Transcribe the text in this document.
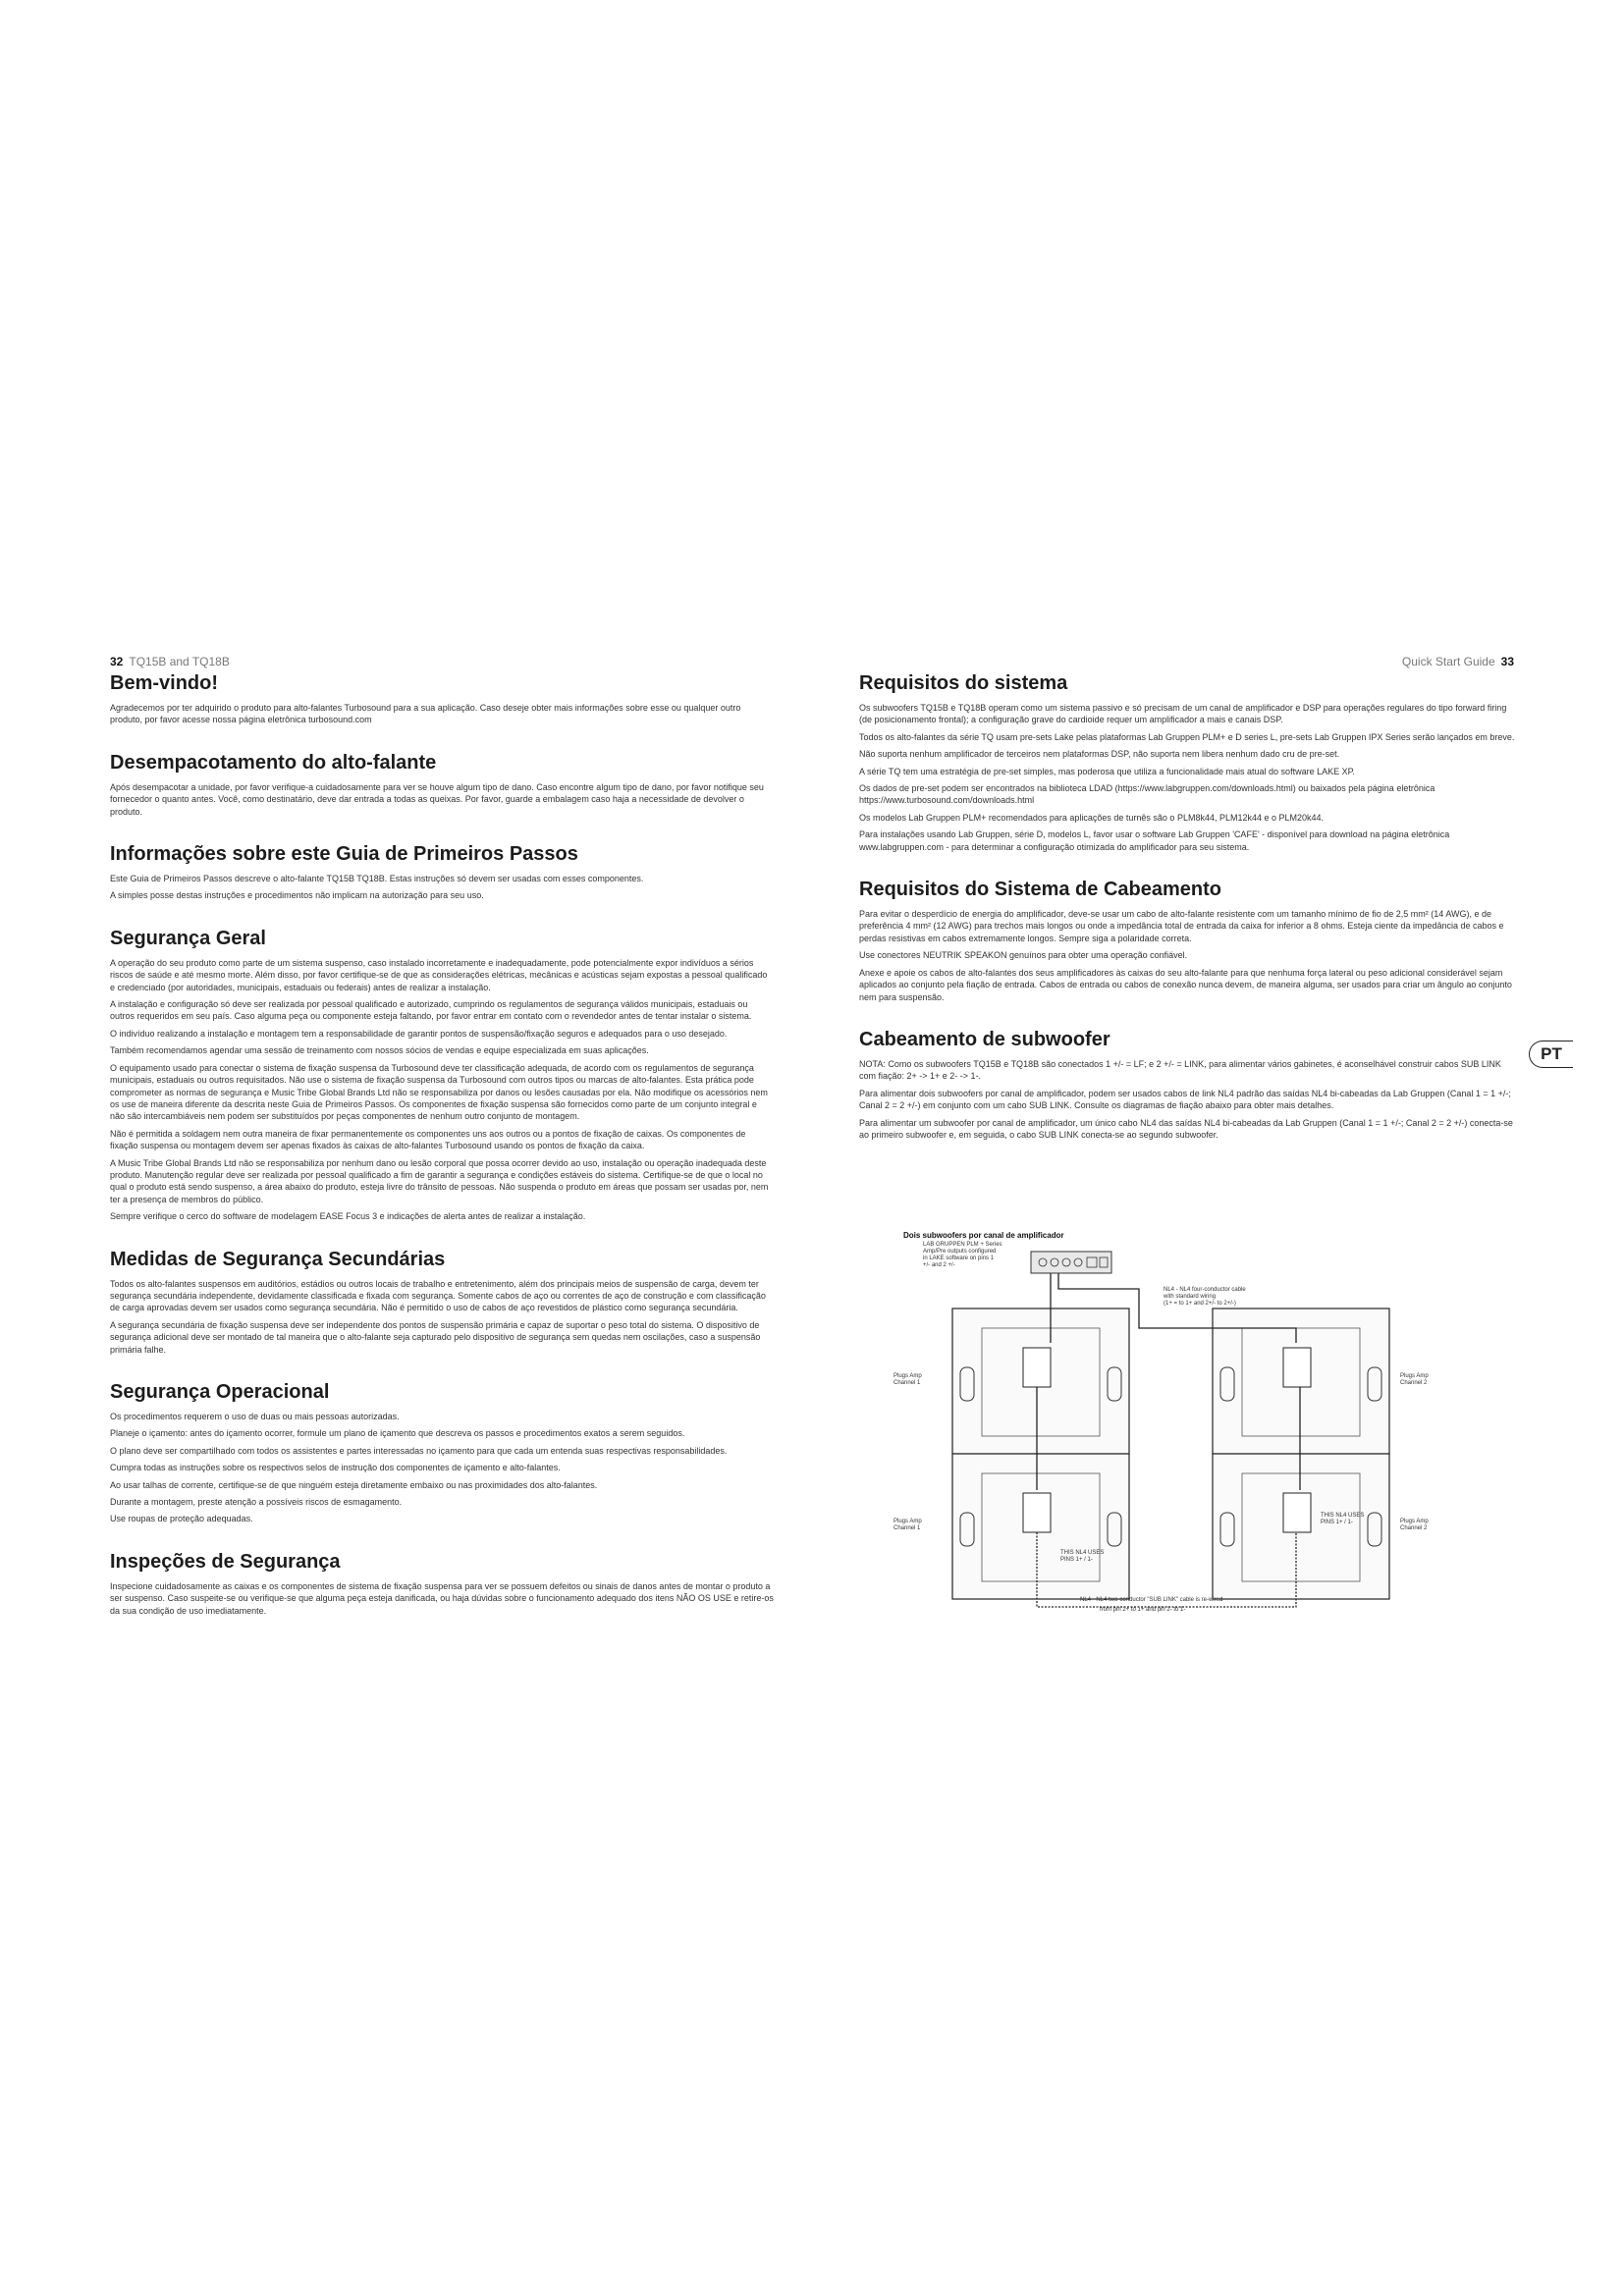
32 TQ15B and TQ18B	Quick Start Guide 33
PT
Bem-vindo!

Agradecemos por ter adquirido o produto para alto-falantes Turbosound para a sua aplicação. Caso deseje obter mais informações sobre esse ou qualquer outro produto, por favor acesse nossa página eletrônica turbosound.com

Desempacotamento do alto-falante

Após desempacotar a unidade, por favor verifique-a cuidadosamente para ver se houve algum tipo de dano. Caso encontre algum tipo de dano, por favor notifique seu fornecedor o quanto antes. Você, como destinatário, deve dar entrada a todas as queixas. Por favor, guarde a embalagem caso haja a necessidade de devolver o produto.

Informações sobre este Guia de Primeiros Passos

Este Guia de Primeiros Passos descreve o alto-falante TQ15B TQ18B. Estas instruções só devem ser usadas com esses componentes.

A simples posse destas instruções e procedimentos não implicam na autorização para seu uso.

Segurança Geral

A operação do seu produto como parte de um sistema suspenso, caso instalado incorretamente e inadequadamente, pode potencialmente expor indivíduos a sérios riscos de saúde e até mesmo morte. Além disso, por favor certifique-se de que as considerações elétricas, mecânicas e acústicas sejam expostas a pessoal qualificado e credenciado (por autoridades, municipais, estaduais ou federais) antes de realizar a instalação.

A instalação e configuração só deve ser realizada por pessoal qualificado e autorizado, cumprindo os regulamentos de segurança válidos municipais, estaduais ou outros requeridos em seu país. Caso alguma peça ou componente esteja faltando, por favor entrar em contato com o revendedor antes de tentar instalar o sistema.

O indivíduo realizando a instalação e montagem tem a responsabilidade de garantir pontos de suspensão/fixação seguros e adequados para o uso desejado.

Também recomendamos agendar uma sessão de treinamento com nossos sócios de vendas e equipe especializada em suas aplicações.

O equipamento usado para conectar o sistema de fixação suspensa da Turbosound deve ter classificação adequada, de acordo com os regulamentos de segurança municipais, estaduais ou outros requisitados. Não use o sistema de fixação suspensa da Turbosound com outros tipos ou marcas de alto-falantes. Esta prática pode comprometer as normas de segurança e Music Tribe Global Brands Ltd não se responsabiliza por danos ou lesões causadas por ela. Não modifique os acessórios nem os use de maneira diferente da descrita neste Guia de Primeiros Passos. Os componentes de fixação suspensa são fornecidos como parte de um conjunto integral e não são intercambiáveis nem podem ser substituídos por peças componentes de nenhum outro conjunto de montagem.

Não é permitida a soldagem nem outra maneira de fixar permanentemente os componentes uns aos outros ou a pontos de fixação de caixas. Os componentes de fixação suspensa ou montagem devem ser apenas fixados às caixas de alto-falantes Turbosound usando os pontos de fixação da caixa.

A Music Tribe Global Brands Ltd não se responsabiliza por nenhum dano ou lesão corporal que possa ocorrer devido ao uso, instalação ou operação inadequada deste produto. Manutenção regular deve ser realizada por pessoal qualificado a fim de garantir a segurança e condições estáveis do sistema. Certifique-se de que o local no qual o produto está sendo suspenso, a área abaixo do produto, esteja livre do trânsito de pessoas. Não suspenda o produto em áreas que possam ser usadas por, nem ter a presença de membros do público.

Sempre verifique o cerco do software de modelagem EASE Focus 3 e indicações de alerta antes de realizar a instalação.

Medidas de Segurança Secundárias

Todos os alto-falantes suspensos em auditórios, estádios ou outros locais de trabalho e entretenimento, além dos principais meios de suspensão de carga, devem ter segurança secundária independente, devidamente classificada e fixada com segurança. Somente cabos de aço ou correntes de aço de construção e com classificação de carga aprovadas devem ser usados como segurança secundária. Não é permitido o uso de cabos de aço revestidos de plástico como segurança secundária.

A segurança secundária de fixação suspensa deve ser independente dos pontos de suspensão primária e capaz de suportar o peso total do sistema. O dispositivo de segurança adicional deve ser montado de tal maneira que o alto-falante seja capturado pelo dispositivo de segurança sem quedas nem oscilações, caso a suspensão primária falhe.

Segurança Operacional

Os procedimentos requerem o uso de duas ou mais pessoas autorizadas.

Planeje o içamento: antes do içamento ocorrer, formule um plano de içamento que descreva os passos e procedimentos exatos a serem seguidos.

O plano deve ser compartilhado com todos os assistentes e partes interessadas no içamento para que cada um entenda suas respectivas responsabilidades.

Cumpra todas as instruções sobre os respectivos selos de instrução dos componentes de içamento e alto-falantes.

Ao usar talhas de corrente, certifique-se de que ninguém esteja diretamente embaixo ou nas proximidades dos alto-falantes.

Durante a montagem, preste atenção a possíveis riscos de esmagamento.

Use roupas de proteção adequadas.

Inspeções de Segurança

Inspecione cuidadosamente as caixas e os componentes de sistema de fixação suspensa para ver se possuem defeitos ou sinais de danos antes de montar o produto a ser suspenso. Caso suspeite-se ou verifique-se que alguma peça esteja danificada, ou haja dúvidas sobre o funcionamento adequado dos itens NÃO OS USE e retire-os da sua condição de uso imediatamente.

Requisitos do sistema

Os subwoofers TQ15B e TQ18B operam como um sistema passivo e só precisam de um canal de amplificador e DSP para operações regulares do tipo forward firing (de posicionamento frontal); a configuração grave do cardioide requer um amplificador a mais e canais DSP.

Todos os alto-falantes da série TQ usam pre-sets Lake pelas plataformas Lab Gruppen PLM+ e D series L, pre-sets Lab Gruppen IPX Series serão lançados em breve.

Não suporta nenhum amplificador de terceiros nem plataformas DSP, não suporta nem libera nenhum dado cru de pre-set.

A série TQ tem uma estratégia de pre-set simples, mas poderosa que utiliza a funcionalidade mais atual do software LAKE XP.

Os dados de pre-set podem ser encontrados na biblioteca LDAD (https://www.labgruppen.com/downloads.html) ou baixados pela página eletrônica https://www.turbosound.com/downloads.html

Os modelos Lab Gruppen PLM+ recomendados para aplicações de turnês são o PLM8k44, PLM12k44 e o PLM20k44.

Para instalações usando Lab Gruppen, série D, modelos L, favor usar o software Lab Gruppen 'CAFE' - disponível para download na página eletrônica www.labgruppen.com - para determinar a configuração otimizada do amplificador para seu sistema.

Requisitos do Sistema de Cabeamento

Para evitar o desperdício de energia do amplificador, deve-se usar um cabo de alto-falante resistente com um tamanho mínimo de fio de 2,5 mm² (14 AWG), e de preferência 4 mm² (12 AWG) para trechos mais longos ou onde a impedância total de entrada da caixa for inferior a 8 ohms. Esteja ciente da impedância de cabos e perdas resistivas em cabos extremamente longos. Sempre siga a polaridade correta.

Use conectores NEUTRIK SPEAKON genuínos para obter uma operação confiável.

Anexe e apoie os cabos de alto-falantes dos seus amplificadores às caixas do seu alto-falante para que nenhuma força lateral ou peso adicional considerável sejam aplicados ao conjunto pela fiação de entrada. Cabos de entrada ou cabos de conexão nunca devem, de maneira alguma, ser usados para criar um ângulo ao conjunto nem para suspensão.

Cabeamento de subwoofer

NOTA: Como os subwoofers TQ15B e TQ18B são conectados 1 +/- = LF; e 2 +/- = LINK, para alimentar vários gabinetes, é aconselhável construir cabos SUB LINK com fiação: 2+ -> 1+ e 2- -> 1-.

Para alimentar dois subwoofers por canal de amplificador, podem ser usados cabos de link NL4 padrão das saídas NL4 bi-cabeadas da Lab Gruppen (Canal 1 = 1 +/-; Canal 2 = 2 +/-) em conjunto com um cabo SUB LINK. Consulte os diagramas de fiação abaixo para obter mais detalhes.

Para alimentar um subwoofer por canal de amplificador, um único cabo NL4 das saídas NL4 bi-cabeadas da Lab Gruppen (Canal 1 = 1 +/-; Canal 2 = 2 +/-) conecta-se ao primeiro subwoofer e, em seguida, o cabo SUB LINK conecta-se ao segundo subwoofer.

Dois subwoofers por canal de amplificador
LAB GRUPPEN PLM + Series
Amp/Pre outputs configured
in LAKE software on pins 1
+/- and 2 +/-
NL4 - NL4 four-conductor cable
with standard wiring
(1+ = to 1+ and 2+/- to 2+/-)
Plugs Amp
Channel 1
Plugs Amp
Channel 2
Plugs Amp
Channel 1
Plugs Amp
Channel 2
THIS NL4 USES
PINS 1+ / 1-
THIS NL4 USES
PINS 1+ / 1-
NL4 - NL4 two-conductor "SUB LINK" cable is re-wired
from pin 2+ to 1+ and pin 2- to 1-
